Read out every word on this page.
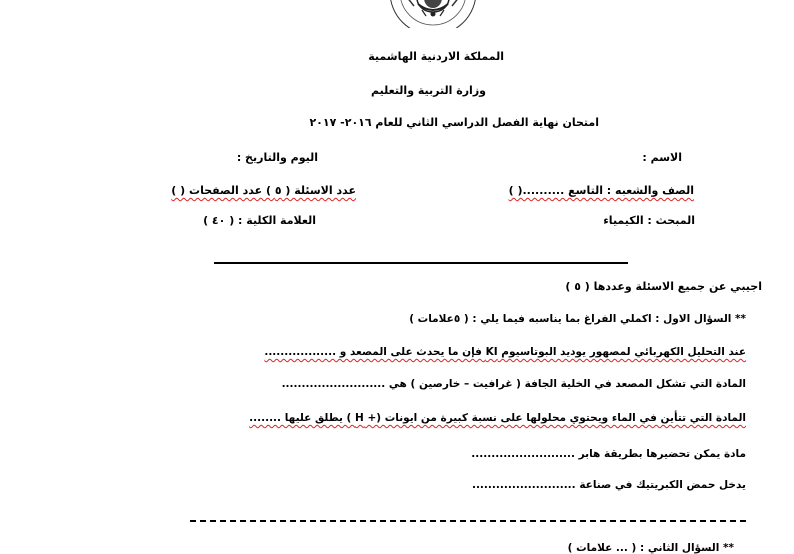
المملكة الاردنية الهاشمية
وزارة التربية والتعليم
امتحان نهاية الفصل الدراسي الثاني للعام ٢٠١٦- ٢٠١٧
الاسم :
اليوم والتاريخ :
الصف والشعبه : التاسع ..........( )
عدد الاسئلة ( ٥ ) عدد الصفحات ( )
المبحث : الكيمياء
العلامة الكلية : ( ٤٠ )
اجيبي عن جميع الاسئلة وعددها ( ٥ )
** السؤال الاول : اكملي الفراغ بما يناسبه فيما يلي : ( ٥علامات )
عند التحليل الكهربائي لمصهور يوديد البوتاسيوم KI فإن ما يحدث على المصعد و ..................
المادة التي تشكل المصعد في الخلية الجافة ( غرافيت – خارصين ) هي ..........................
المادة التي تتأين في الماء ويحتوي محلولها على نسبة كبيرة من ايونات (+ H ) يطلق عليها ........
مادة يمكن تحضيرها بطريقة هابر ..........................
يدخل حمض الكبريتيك في صناعة ..........................
** السؤال الثاني : ( ... علامات )
